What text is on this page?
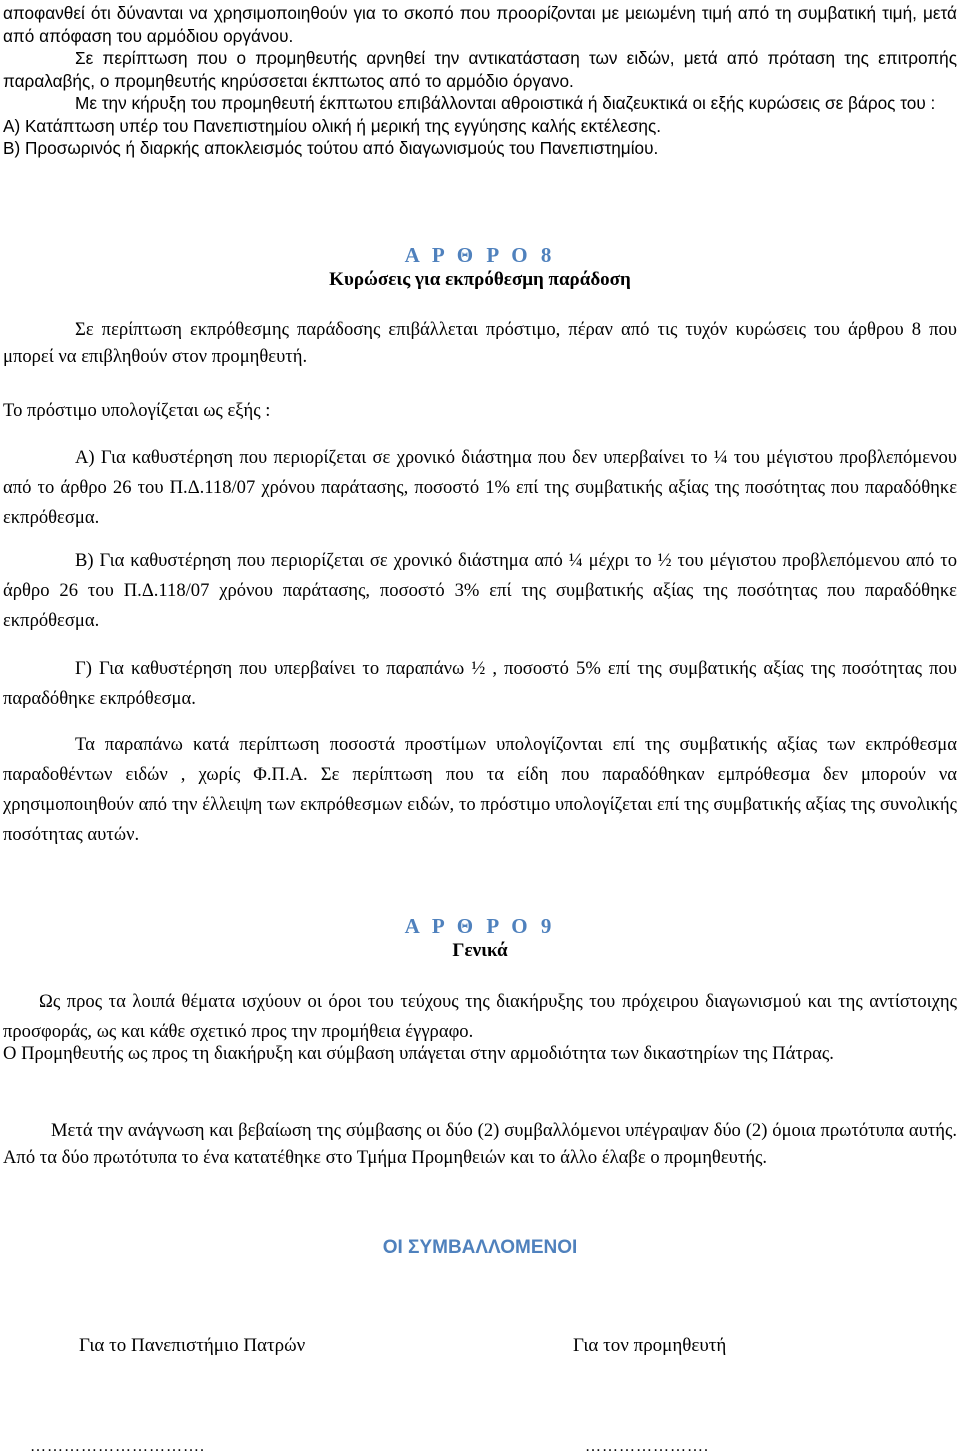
αποφανθεί ότι δύνανται να χρησιμοποιηθούν για το σκοπό που προορίζονται με μειωμένη τιμή από τη συμβατική τιμή, μετά από απόφαση του αρμόδιου οργάνου.

Σε περίπτωση που ο προμηθευτής αρνηθεί την αντικατάσταση των ειδών, μετά από πρόταση της επιτροπής παραλαβής, ο προμηθευτής κηρύσσεται έκπτωτος από το αρμόδιο όργανο.

Με την κήρυξη του προμηθευτή έκπτωτου επιβάλλονται αθροιστικά ή διαζευκτικά οι εξής κυρώσεις σε βάρος του :

Α) Κατάπτωση υπέρ του Πανεπιστημίου ολική ή μερική της εγγύησης καλής εκτέλεσης.

Β) Προσωρινός ή διαρκής αποκλεισμός τούτου από διαγωνισμούς του Πανεπιστημίου.

Α Ρ Θ Ρ Ο 8
Κυρώσεις για εκπρόθεσμη παράδοση
Σε περίπτωση εκπρόθεσμης παράδοσης επιβάλλεται πρόστιμο, πέραν από τις τυχόν κυρώσεις του άρθρου 8 που μπορεί να επιβληθούν στον προμηθευτή.
Το πρόστιμο υπολογίζεται ως εξής :
Α) Για καθυστέρηση που περιορίζεται σε χρονικό διάστημα που δεν υπερβαίνει το ¼ του μέγιστου προβλεπόμενου από το άρθρο 26 του Π.Δ.118/07 χρόνου παράτασης, ποσοστό 1% επί της συμβατικής αξίας της ποσότητας που παραδόθηκε εκπρόθεσμα.
Β) Για καθυστέρηση που περιορίζεται σε χρονικό διάστημα από ¼ μέχρι το ½ του μέγιστου προβλεπόμενου από το άρθρο 26 του Π.Δ.118/07 χρόνου παράτασης, ποσοστό 3% επί της συμβατικής αξίας της ποσότητας που παραδόθηκε εκπρόθεσμα.
Γ) Για καθυστέρηση που υπερβαίνει το παραπάνω ½ , ποσοστό 5% επί της συμβατικής αξίας της ποσότητας που παραδόθηκε εκπρόθεσμα.
Τα παραπάνω κατά περίπτωση ποσοστά προστίμων υπολογίζονται επί της συμβατικής αξίας των εκπρόθεσμα παραδοθέντων ειδών , χωρίς Φ.Π.Α. Σε περίπτωση που τα είδη που παραδόθηκαν εμπρόθεσμα δεν μπορούν να χρησιμοποιηθούν από την έλλειψη των εκπρόθεσμων ειδών, το πρόστιμο υπολογίζεται επί της συμβατικής αξίας της συνολικής ποσότητας αυτών.
Α Ρ Θ Ρ Ο 9
Γενικά
Ως προς τα λοιπά θέματα ισχύουν οι όροι του τεύχους της διακήρυξης του πρόχειρου διαγωνισμού και της αντίστοιχης προσφοράς, ως και κάθε σχετικό προς την προμήθεια έγγραφο.
Ο Προμηθευτής ως προς τη διακήρυξη και σύμβαση υπάγεται στην αρμοδιότητα των δικαστηρίων της Πάτρας.
Μετά την ανάγνωση και βεβαίωση της σύμβασης οι δύο (2) συμβαλλόμενοι υπέγραψαν δύο (2) όμοια πρωτότυπα αυτής. Από τα δύο πρωτότυπα το ένα κατατέθηκε στο Τμήμα Προμηθειών και το άλλο έλαβε ο προμηθευτής.
ΟΙ ΣΥΜΒΑΛΛΟΜΕΝΟΙ
Για το Πανεπιστήμιο Πατρών	Για τον προμηθευτή
………………………….	………………….
